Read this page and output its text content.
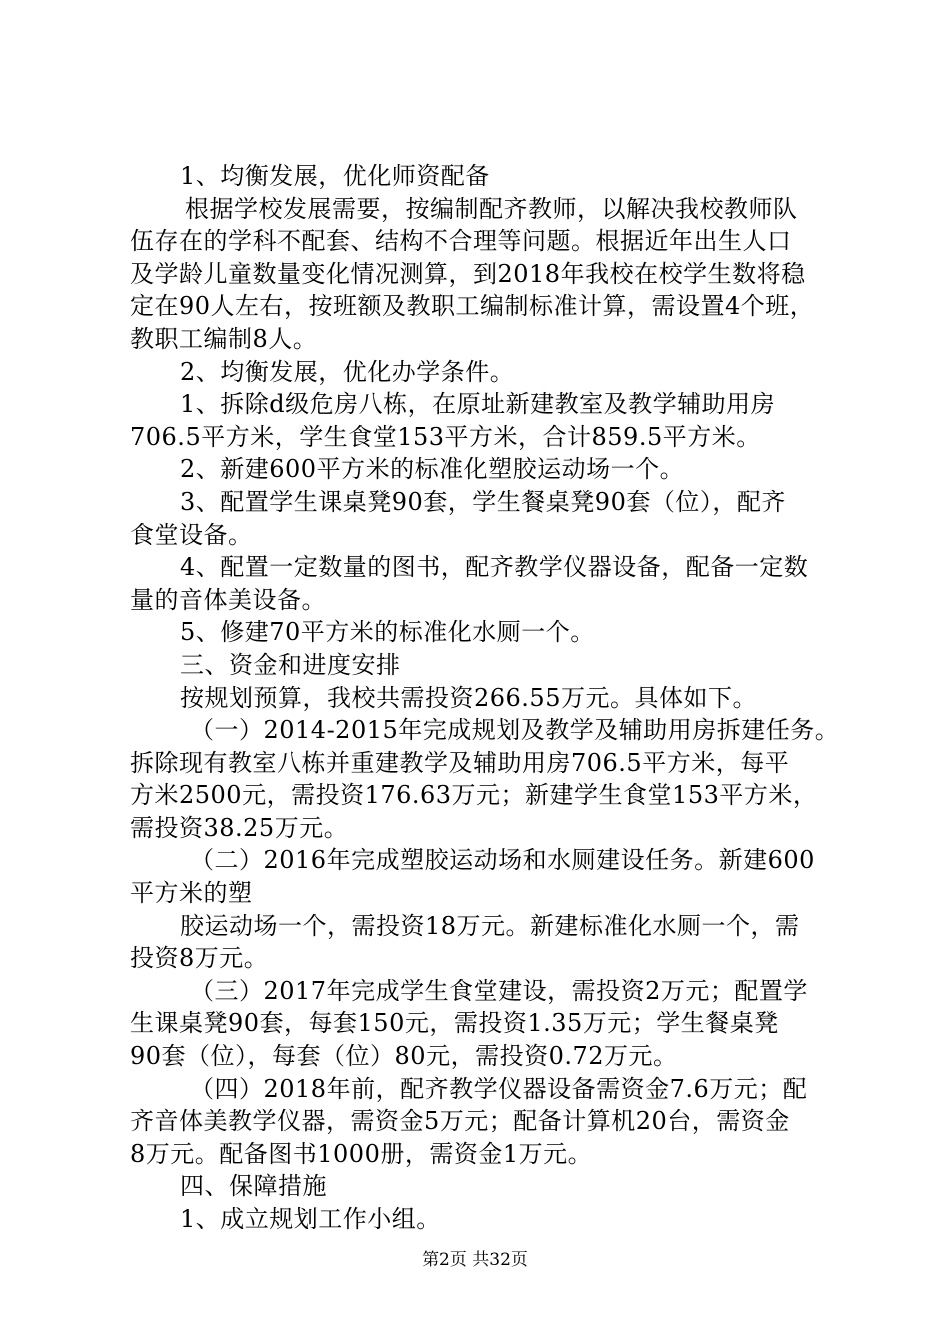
1、均衡发展，优化师资配备
根据学校发展需要，按编制配齐教师，以解决我校教师队
伍存在的学科不配套、结构不合理等问题。根据近年出生人口
及学龄儿童数量变化情况测算，到2018年我校在校学生数将稳
定在90人左右，按班额及教职工编制标准计算，需设置4个班，
教职工编制8人。
2、均衡发展，优化办学条件。
1、拆除d级危房八栋，在原址新建教室及教学辅助用房
706.5平方米，学生食堂153平方米，合计859.5平方米。
2、新建600平方米的标准化塑胶运动场一个。
3、配置学生课桌凳90套，学生餐桌凳90套（位），配齐
食堂设备。
4、配置一定数量的图书，配齐教学仪器设备，配备一定数
量的音体美设备。
5、修建70平方米的标准化水厕一个。
三、资金和进度安排
按规划预算，我校共需投资266.55万元。具体如下。
（一）2014-2015年完成规划及教学及辅助用房拆建任务。
拆除现有教室八栋并重建教学及辅助用房706.5平方米，每平
方米2500元，需投资176.63万元；新建学生食堂153平方米，
需投资38.25万元。
（二）2016年完成塑胶运动场和水厕建设任务。新建600
平方米的塑
胶运动场一个，需投资18万元。新建标准化水厕一个，需
投资8万元。
（三）2017年完成学生食堂建设，需投资2万元；配置学
生课桌凳90套，每套150元，需投资1.35万元；学生餐桌凳
90套（位），每套（位）80元，需投资0.72万元。
（四）2018年前，配齐教学仪器设备需资金7.6万元；配
齐音体美教学仪器，需资金5万元；配备计算机20台，需资金
8万元。配备图书1000册，需资金1万元。
四、保障措施
1、成立规划工作小组。
第2页 共32页
